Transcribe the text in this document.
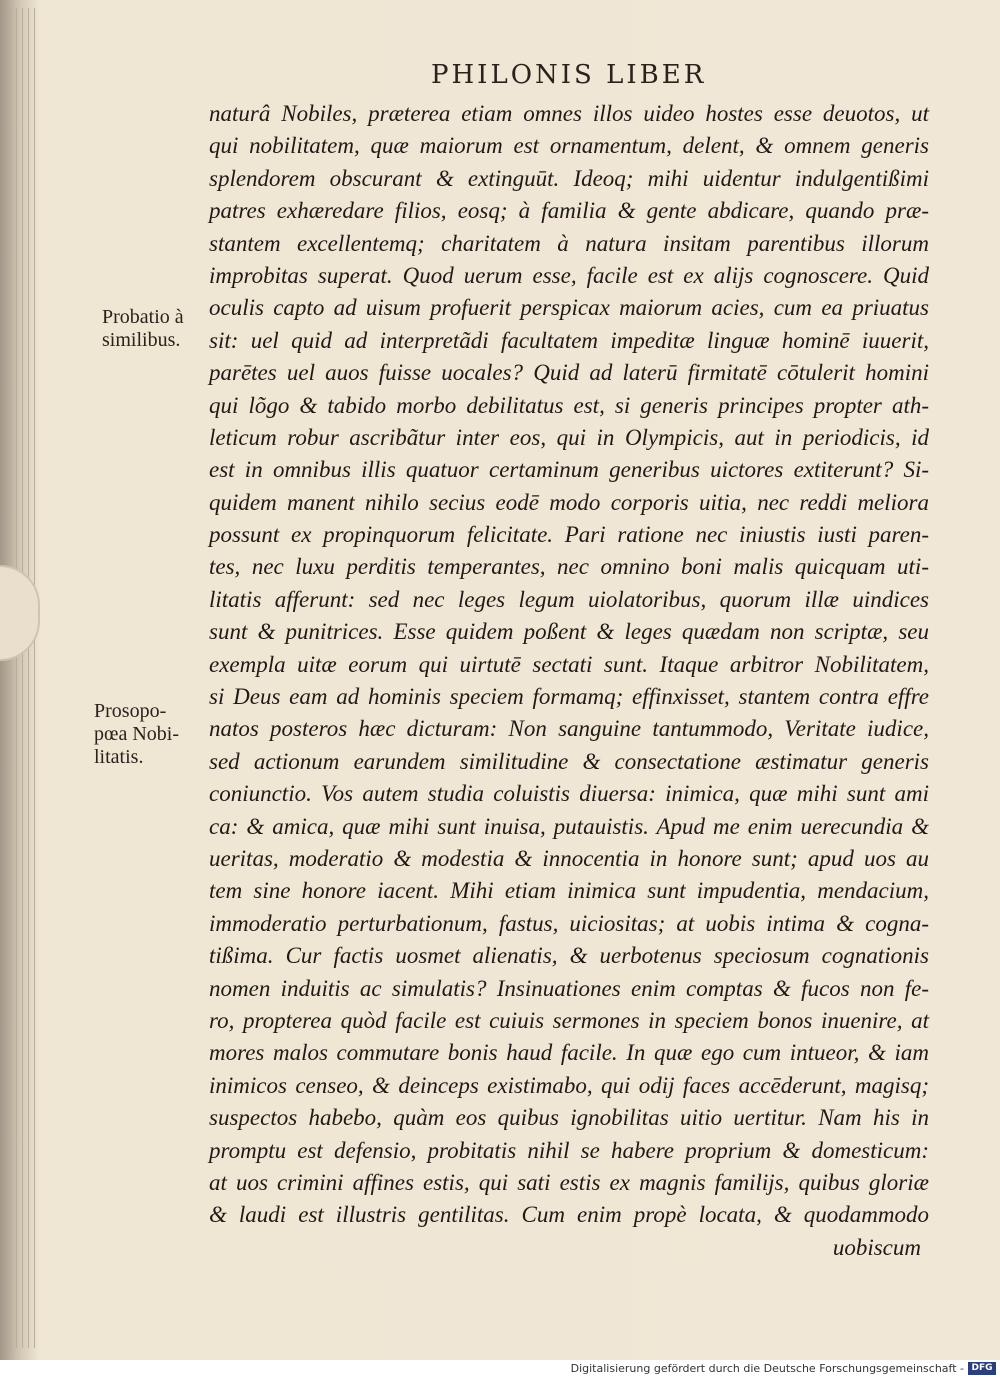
PHILONIS LIBER
Probatio à
similibus.
Prosopo-
pœa Nobi-
litatis.
naturâ Nobiles, præterea etiam omnes illos uideo hostes esse deuotos, ut
qui nobilitatem, quæ maiorum est ornamentum, delent, & omnem generis
splendorem obscurant & extinguūt. Ideoq; mihi uidentur indulgentißimi
patres exhæredare filios, eosq; à familia & gente abdicare, quando præ-
stantem excellentemq; charitatem à natura insitam parentibus illorum
improbitas superat. Quod uerum esse, facile est ex alijs cognoscere. Quid
oculis capto ad uisum profuerit perspicax maiorum acies, cum ea priuatus
sit: uel quid ad interpretãdi facultatem impeditæ linguæ hominē iuuerit,
parētes uel auos fuisse uocales? Quid ad laterū firmitatē cōtulerit homini
qui lõgo & tabido morbo debilitatus est, si generis principes propter ath-
leticum robur ascribãtur inter eos, qui in Olympicis, aut in periodicis, id
est in omnibus illis quatuor certaminum generibus uictores extiterunt? Si-
quidem manent nihilo secius eodē modo corporis uitia, nec reddi meliora
possunt ex propinquorum felicitate. Pari ratione nec iniustis iusti paren-
tes, nec luxu perditis temperantes, nec omnino boni malis quicquam uti-
litatis afferunt: sed nec leges legum uiolatoribus, quorum illæ uindices
sunt & punitrices. Esse quidem poßent & leges quædam non scriptæ, seu
exempla uitæ eorum qui uirtutē sectati sunt. Itaque arbitror Nobilitatem,
si Deus eam ad hominis speciem formamq; effinxisset, stantem contra effre
natos posteros hæc dicturam: Non sanguine tantummodo, Veritate iudice,
sed actionum earundem similitudine & consectatione æstimatur generis
coniunctio. Vos autem studia coluistis diuersa: inimica, quæ mihi sunt ami
ca: & amica, quæ mihi sunt inuisa, putauistis. Apud me enim uerecundia &
ueritas, moderatio & modestia & innocentia in honore sunt; apud uos au
tem sine honore iacent. Mihi etiam inimica sunt impudentia, mendacium,
immoderatio perturbationum, fastus, uiciositas; at uobis intima & cogna-
tißima. Cur factis uosmet alienatis, & uerbotenus speciosum cognationis
nomen induitis ac simulatis? Insinuationes enim comptas & fucos non fe-
ro, propterea quòd facile est cuiuis sermones in speciem bonos inuenire, at
mores malos commutare bonis haud facile. In quæ ego cum intueor, & iam
inimicos censeo, & deinceps existimabo, qui odij faces accēderunt, magisq;
suspectos habebo, quàm eos quibus ignobilitas uitio uertitur. Nam his in
promptu est defensio, probitatis nihil se habere proprium & domesticum:
at uos crimini affines estis, qui sati estis ex magnis familijs, quibus gloriæ
& laudi est illustris gentilitas. Cum enim propè locata, & quodammodo
uobiscum
Digitalisierung gefördert durch die Deutsche Forschungsgemeinschaft - DFG
